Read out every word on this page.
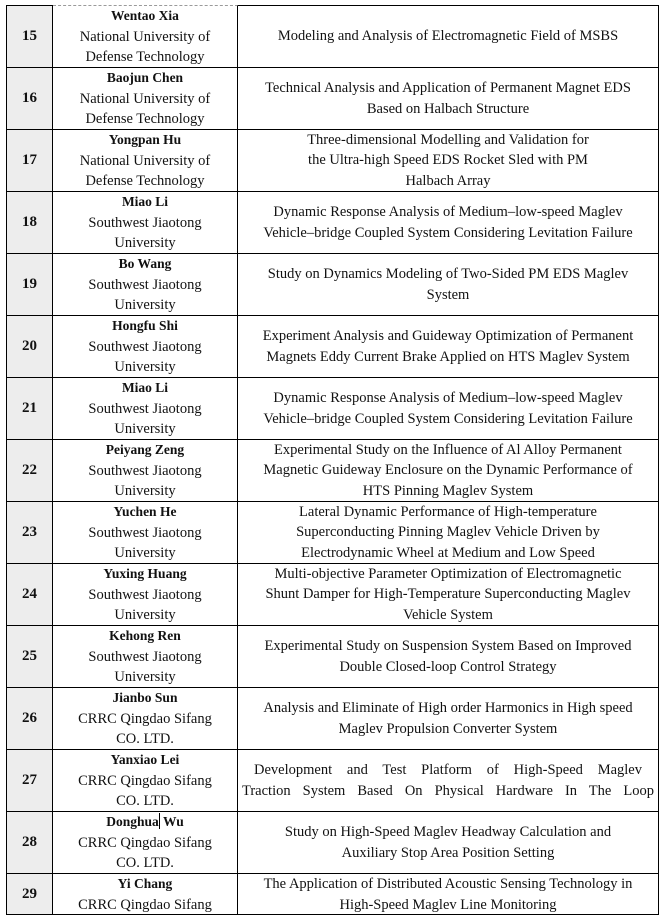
15
Wentao Xia
National University of
Defense Technology
Modeling and Analysis of Electromagnetic Field of MSBS
16
Baojun Chen
National University of
Defense Technology
Technical Analysis and Application of Permanent Magnet EDS
Based on Halbach Structure
17
Yongpan Hu
National University of
Defense Technology
Three-dimensional Modelling and Validation for
the Ultra-high Speed EDS Rocket Sled with PM
Halbach Array
18
Miao Li
Southwest Jiaotong
University
Dynamic Response Analysis of Medium–low-speed Maglev
Vehicle–bridge Coupled System Considering Levitation Failure
19
Bo Wang
Southwest Jiaotong
University
Study on Dynamics Modeling of Two-Sided PM EDS Maglev
System
20
Hongfu Shi
Southwest Jiaotong
University
Experiment Analysis and Guideway Optimization of Permanent
Magnets Eddy Current Brake Applied on HTS Maglev System
21
Miao Li
Southwest Jiaotong
University
Dynamic Response Analysis of Medium–low-speed Maglev
Vehicle–bridge Coupled System Considering Levitation Failure
22
Peiyang Zeng
Southwest Jiaotong
University
Experimental Study on the Influence of Al Alloy Permanent
Magnetic Guideway Enclosure on the Dynamic Performance of
HTS Pinning Maglev System
23
Yuchen He
Southwest Jiaotong
University
Lateral Dynamic Performance of High-temperature
Superconducting Pinning Maglev Vehicle Driven by
Electrodynamic Wheel at Medium and Low Speed
24
Yuxing Huang
Southwest Jiaotong
University
Multi-objective Parameter Optimization of Electromagnetic
Shunt Damper for High-Temperature Superconducting Maglev
Vehicle System
25
Kehong Ren
Southwest Jiaotong
University
Experimental Study on Suspension System Based on Improved
Double Closed-loop Control Strategy
26
Jianbo Sun
CRRC Qingdao Sifang
CO. LTD.
Analysis and Eliminate of High order Harmonics in High speed
Maglev Propulsion Converter System
27
Yanxiao Lei
CRRC Qingdao Sifang
CO. LTD.
Development and Test Platform of High-Speed Maglev
Traction System Based On Physical Hardware In The Loop
28
Donghua Wu
CRRC Qingdao Sifang
CO. LTD.
Study on High-Speed Maglev Headway Calculation and
Auxiliary Stop Area Position Setting
29
Yi Chang
CRRC Qingdao Sifang
The Application of Distributed Acoustic Sensing Technology in
High-Speed Maglev Line Monitoring
